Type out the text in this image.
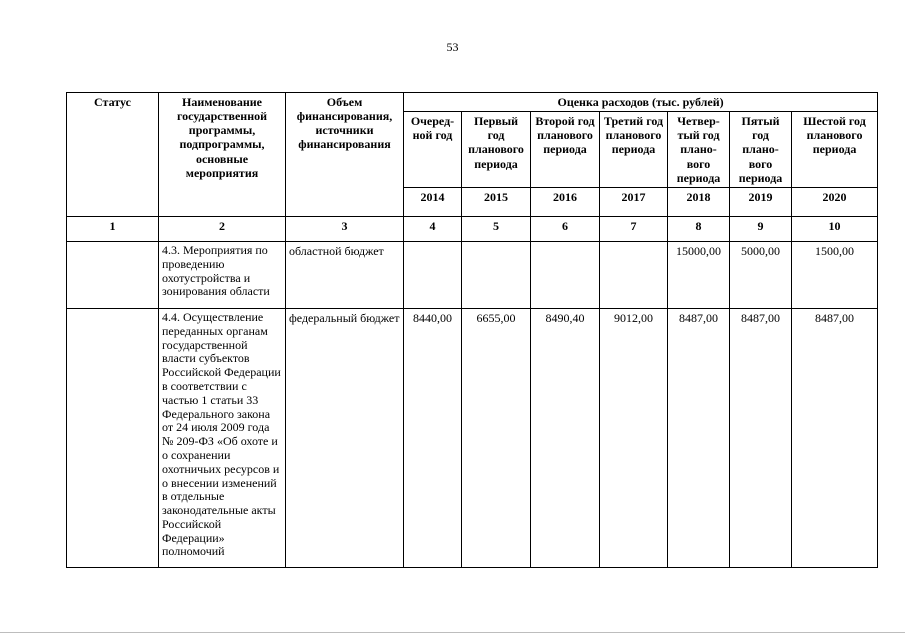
53
Статус	Наименование государственной программы, подпрограммы, основные мероприятия	Объем финансирования, источники финансирования	Оценка расходов (тыс. рублей)						
			Очеред-ной год	Первый год планового периода	Второй год планового периода	Третий год планового периода	Четвер-тый год плано-вого периода	Пятый год плано-вого периода	Шестой год планового периода
			2014	2015	2016	2017	2018	2019	2020
1	2	3	4	5	6	7	8	9	10
	4.3. Мероприятия по проведению охотустройства и зонирования области	областной бюджет					15000,00	5000,00	1500,00
	4.4. Осуществление переданных органам государственной власти субъектов Российской Федерации в соответствии с частью 1 статьи 33 Федерального закона от 24 июля 2009 года № 209-ФЗ «Об охоте и о сохранении охотничьих ресурсов и о внесении изменений в отдельные законодательные акты Российской Федерации» полномочий	федеральный бюджет	8440,00	6655,00	8490,40	9012,00	8487,00	8487,00	8487,00
